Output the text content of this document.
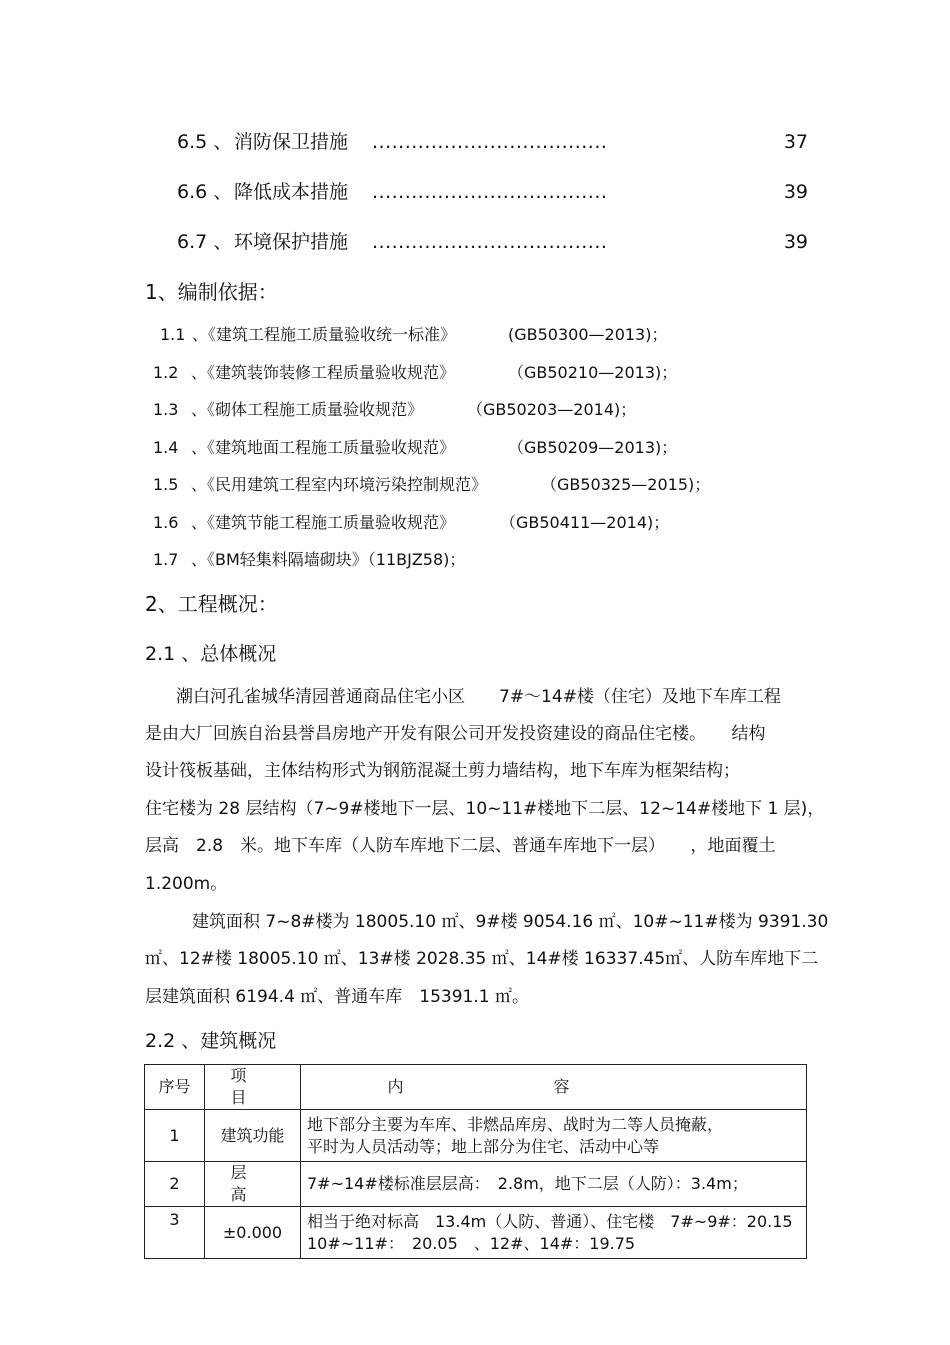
6.5 、 消防保卫措施 ....................................	37
6.6 、 降低成本措施 ....................................	39
6.7 、 环境保护措施 ....................................	39
1、编制依据：
1.1 、《建筑工程施工质量验收统一标准》	(GB50300—2013)；
1.2 、《建筑装饰装修工程质量验收规范》	（GB50210—2013)；
1.3 、《砌体工程施工质量验收规范》	（GB50203—2014)；
1.4 、《建筑地面工程施工质量验收规范》	（GB50209—2013)；
1.5 、《民用建筑工程室内环境污染控制规范》	（GB50325—2015)；
1.6 、《建筑节能工程施工质量验收规范》	（GB50411—2014)；
1.7 、《BM轻集料隔墙砌块》（11BJZ58)；
2、工程概况：
2.1 、总体概况
潮白河孔雀城华清园普通商品住宅小区　　7#～14#楼（住宅）及地下车库工程
是由大厂回族自治县誉昌房地产开发有限公司开发投资建设的商品住宅楼。　　结构
设计筏板基础，主体结构形式为钢筋混凝土剪力墙结构，地下车库为框架结构；
住宅楼为 28 层结构（7~9#楼地下一层、10~11#楼地下二层、12~14#楼地下 1 层)，
层高　2.8　米。地下车库（人防车库地下二层、普通车库地下一层）　　，地面覆土
1.200m。
建筑面积 7~8#楼为 18005.10 ㎡、9#楼 9054.16 ㎡、10#~11#楼为 9391.30
㎡、12#楼 18005.10 ㎡、13#楼 2028.35 ㎡、14#楼 16337.45㎡、人防车库地下二
层建筑面积 6194.4 ㎡、普通车库　15391.1 ㎡。
2.2 、建筑概况
序号	项目	内容
1	建筑功能	地下部分主要为车库、非燃品库房、战时为二等人员掩蔽，
平时为人员活动等；地上部分为住宅、活动中心等

2	层高	7#~14#楼标准层层高：　2.8m，地下二层（人防）：3.4m；

3	±0.000	相当于绝对标高　13.4m（人防、普通）、住宅楼　7#~9#：20.15
10#~11#：　20.05　、12#、14#：19.75
